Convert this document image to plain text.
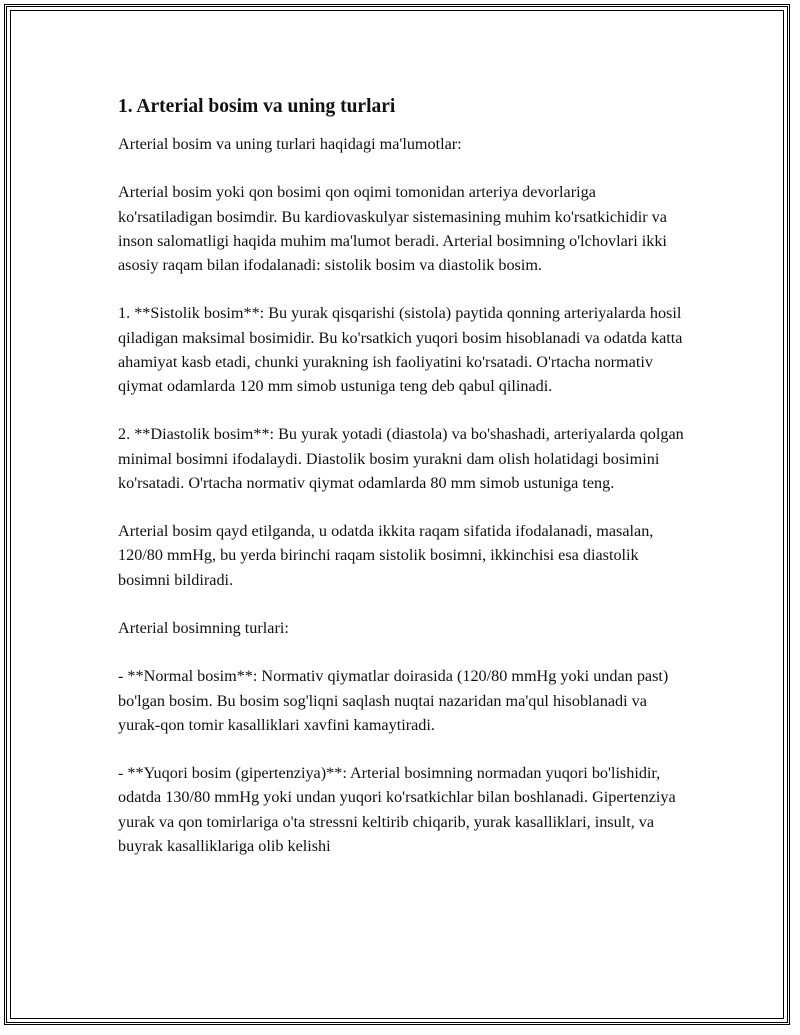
1. Arterial bosim va uning turlari

Arterial bosim va uning turlari haqidagi ma'lumotlar:

Arterial bosim yoki qon bosimi qon oqimi tomonidan arteriya devorlariga ko'rsatiladigan bosimdir. Bu kardiovaskulyar sistemasining muhim ko'rsatkichidir va inson salomatligi haqida muhim ma'lumot beradi. Arterial bosimning o'lchovlari ikki asosiy raqam bilan ifodalanadi: sistolik bosim va diastolik bosim.

1. **Sistolik bosim**: Bu yurak qisqarishi (sistola) paytida qonning arteriyalarda hosil qiladigan maksimal bosimidir. Bu ko'rsatkich yuqori bosim hisoblanadi va odatda katta ahamiyat kasb etadi, chunki yurakning ish faoliyatini ko'rsatadi. O'rtacha normativ qiymat odamlarda 120 mm simob ustuniga teng deb qabul qilinadi.

2. **Diastolik bosim**: Bu yurak yotadi (diastola) va bo'shashadi, arteriyalarda qolgan minimal bosimni ifodalaydi. Diastolik bosim yurakni dam olish holatidagi bosimini ko'rsatadi. O'rtacha normativ qiymat odamlarda 80 mm simob ustuniga teng.

Arterial bosim qayd etilganda, u odatda ikkita raqam sifatida ifodalanadi, masalan, 120/80 mmHg, bu yerda birinchi raqam sistolik bosimni, ikkinchisi esa diastolik bosimni bildiradi.

Arterial bosimning turlari:

- **Normal bosim**: Normativ qiymatlar doirasida (120/80 mmHg yoki undan past) bo'lgan bosim. Bu bosim sog'liqni saqlash nuqtai nazaridan ma'qul hisoblanadi va yurak-qon tomir kasalliklari xavfini kamaytiradi.

- **Yuqori bosim (gipertenziya)**: Arterial bosimning normadan yuqori bo'lishidir, odatda 130/80 mmHg yoki undan yuqori ko'rsatkichlar bilan boshlanadi. Gipertenziya yurak va qon tomirlariga o'ta stressni keltirib chiqarib, yurak kasalliklari, insult, va buyrak kasalliklariga olib kelishi
